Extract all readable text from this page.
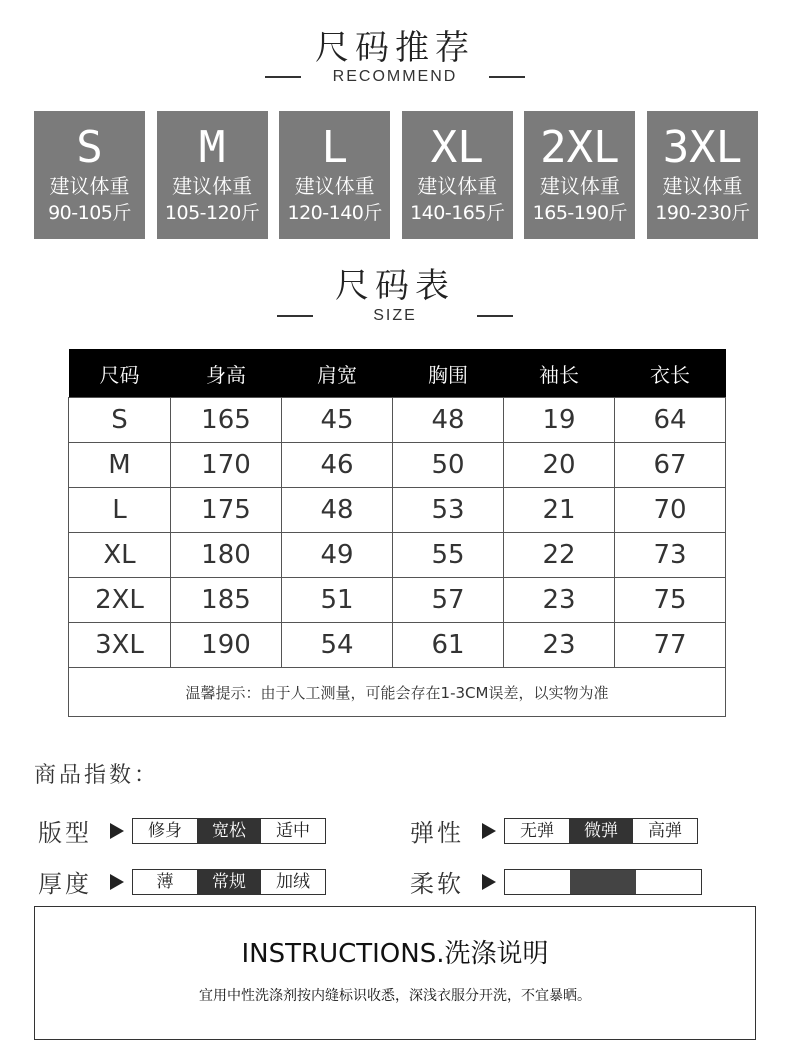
尺码推荐
RECOMMEND
S
建议体重
90-105斤
M
建议体重
105-120斤
L
建议体重
120-140斤
XL
建议体重
140-165斤
2XL
建议体重
165-190斤
3XL
建议体重
190-230斤
尺码表
SIZE
尺码	身高	肩宽	胸围	袖长	衣长
S	165	45	48	19	64
M	170	46	50	20	67
L	175	48	53	21	70
XL	180	49	55	22	73
2XL	185	51	57	23	75
3XL	190	54	61	23	77
温馨提示：由于人工测量，可能会存在1-3CM误差，以实物为准					
商品指数：
版型	修身	宽松	适中	弹性	无弹	微弹	高弹
厚度	薄	常规	加绒	柔软
INSTRUCTIONS.洗涤说明
宜用中性洗涤剂按内缝标识收悉，深浅衣服分开洗，不宜暴晒。
